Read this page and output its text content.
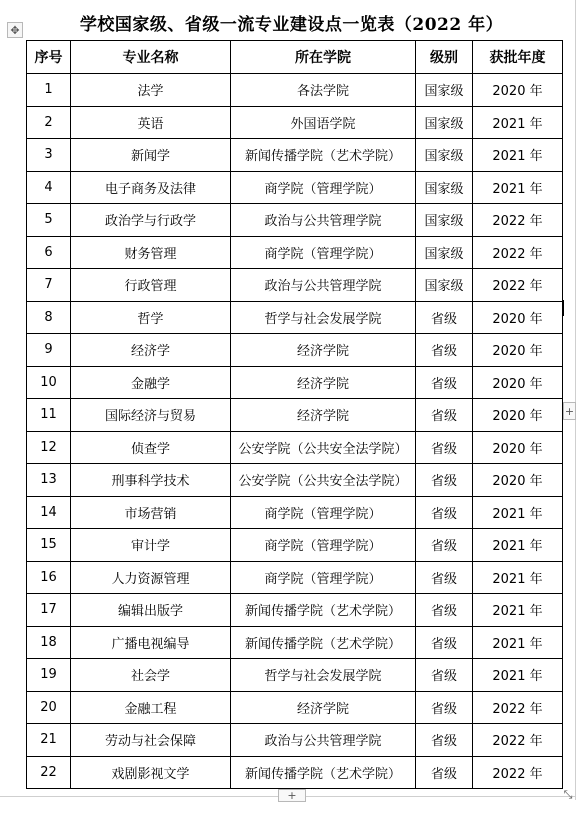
✥	学校国家级、省级一流专业建设点一览表（2022 年）
序号	专业名称	所在学院	级别	获批年度
1	法学	各法学院	国家级	2020 年
2	英语	外国语学院	国家级	2021 年
3	新闻学	新闻传播学院（艺术学院）	国家级	2021 年
4	电子商务及法律	商学院（管理学院）	国家级	2021 年
5	政治学与行政学	政治与公共管理学院	国家级	2022 年
6	财务管理	商学院（管理学院）	国家级	2022 年
7	行政管理	政治与公共管理学院	国家级	2022 年
8	哲学	哲学与社会发展学院	省级	2020 年
9	经济学	经济学院	省级	2020 年
10	金融学	经济学院	省级	2020 年
11	国际经济与贸易	经济学院	省级	2020 年
12	侦查学	公安学院（公共安全法学院）	省级	2020 年
13	刑事科学技术	公安学院（公共安全法学院）	省级	2020 年
14	市场营销	商学院（管理学院）	省级	2021 年
15	审计学	商学院（管理学院）	省级	2021 年
16	人力资源管理	商学院（管理学院）	省级	2021 年
17	编辑出版学	新闻传播学院（艺术学院）	省级	2021 年
18	广播电视编导	新闻传播学院（艺术学院）	省级	2021 年
19	社会学	哲学与社会发展学院	省级	2021 年
20	金融工程	经济学院	省级	2022 年
21	劳动与社会保障	政治与公共管理学院	省级	2022 年
22	戏剧影视文学	新闻传播学院（艺术学院）	省级	2022 年
+
+	⤡
